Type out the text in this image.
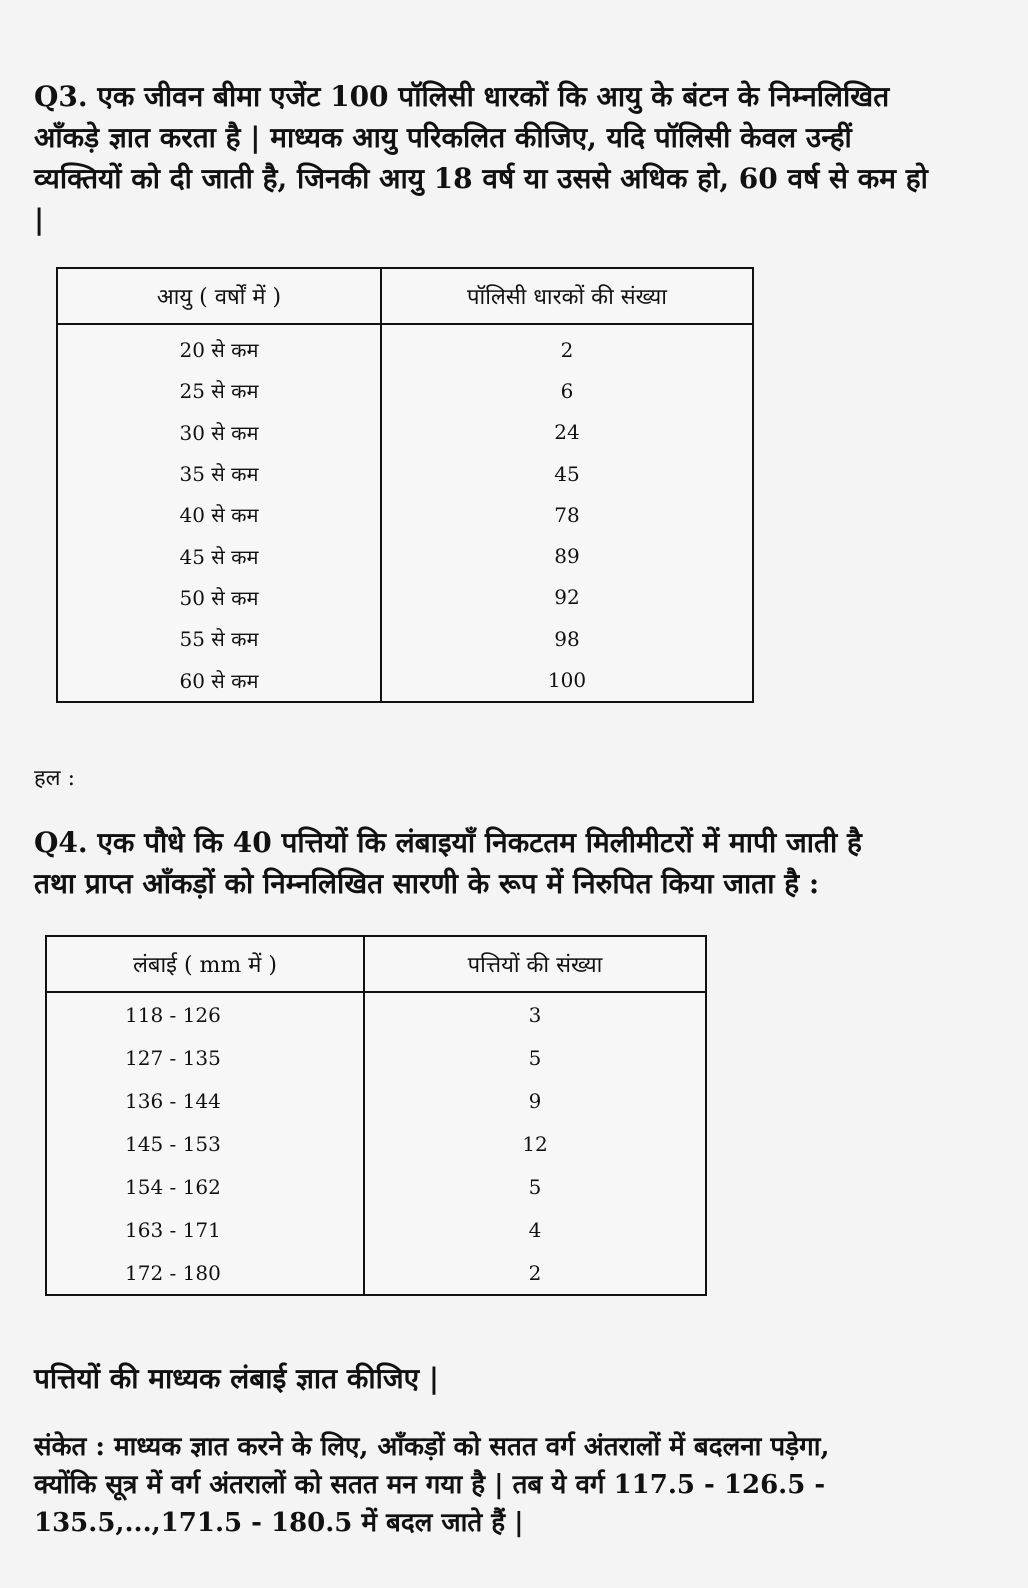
Q3. एक जीवन बीमा एजेंट 100 पॉलिसी धारकों कि आयु के बंटन के निम्नलिखित
आँकड़े ज्ञात करता है | माध्यक आयु परिकलित कीजिए, यदि पॉलिसी केवल उन्हीं
व्यक्तियों को दी जाती है, जिनकी आयु 18 वर्ष या उससे अधिक हो, 60 वर्ष से कम हो
|
आयु ( वर्षों में )	पॉलिसी धारकों की संख्या
20 से कम	2
25 से कम	6
30 से कम	24
35 से कम	45
40 से कम	78
45 से कम	89
50 से कम	92
55 से कम	98
60 से कम	100
हल :
Q4. एक पौधे कि 40 पत्तियों कि लंबाइयाँ निकटतम मिलीमीटरों में मापी जाती है
तथा प्राप्त आँकड़ों को निम्नलिखित सारणी के रूप में निरुपित किया जाता है :
लंबाई ( mm में )	पत्तियों की संख्या
118 - 126	3
127 - 135	5
136 - 144	9
145 - 153	12
154 - 162	5
163 - 171	4
172 - 180	2
पत्तियों की माध्यक लंबाई ज्ञात कीजिए |
संकेत : माध्यक ज्ञात करने के लिए, आँकड़ों को सतत वर्ग अंतरालों में बदलना पड़ेगा,
क्योंकि सूत्र में वर्ग अंतरालों को सतत मन गया है | तब ये वर्ग 117.5 - 126.5 -
135.5,...,171.5 - 180.5 में बदल जाते हैं |
